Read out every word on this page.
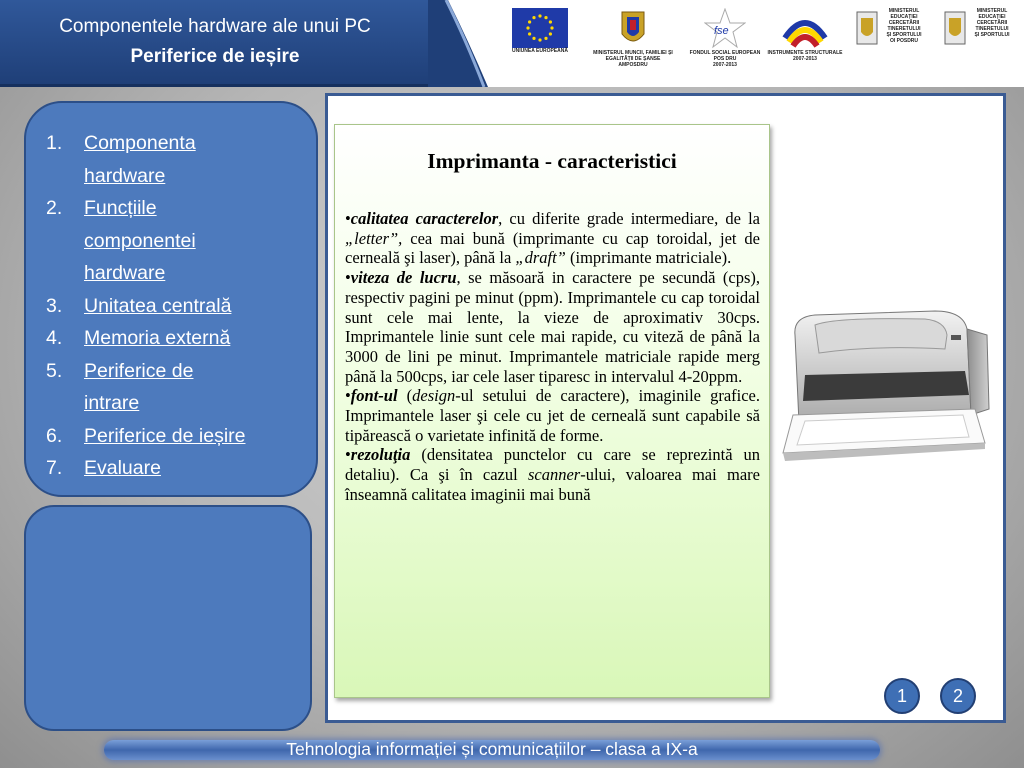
Componentele hardware ale unui PC
Periferice de ieșire	UNIUNEA EUROPEANĂ	MINISTERUL MUNCII, FAMILIEI ȘI
EGALITĂȚII DE ȘANSE
AMPOSDRU
fse
FONDUL SOCIAL EUROPEAN
POS DRU
2007-2013
INSTRUMENTE STRUCTURALE
2007-2013
MINISTERUL
EDUCAȚIEI
CERCETĂRII
TINERETULUI
ȘI SPORTULUI
OI POSDRU
MINISTERUL
EDUCAȚIEI
CERCETĂRII
TINERETULUI
ȘI SPORTULUI
1.	Componenta
hardware
2.	Funcțiile
componentei
hardware
3.	Unitatea centrală
4.	Memoria externă
5.	Periferice de
intrare
6.	Periferice de ieșire
7.	Evaluare
Imprimanta - caracteristici

•calitatea caracterelor, cu diferite grade intermediare, de la „letter”, cea mai bună (imprimante cu cap toroidal, jet de cerneală şi laser), până la „draft” (imprimante matriciale).

•viteza de lucru, se măsoară in caractere pe secundă (cps), respectiv pagini pe minut (ppm). Imprimantele cu cap toroidal sunt cele mai lente, la vieze de aproximativ 30cps. Imprimantele linie sunt cele mai rapide, cu viteză de până la 3000 de lini pe minut. Imprimantele matriciale rapide merg până la 500cps, iar cele laser tiparesc in intervalul 4-20ppm.

•font-ul (design-ul setului de caractere), imaginile grafice. Imprimantele laser şi cele cu jet de cerneală sunt capabile să tipărească o varietate infinită de forme.

•rezoluţia (densitatea punctelor cu care se reprezintă un detaliu). Ca şi în cazul scanner-ului, valoarea mai mare înseamnă calitatea imaginii mai bună

1	2
Tehnologia informației și comunicațiilor – clasa a IX-a
